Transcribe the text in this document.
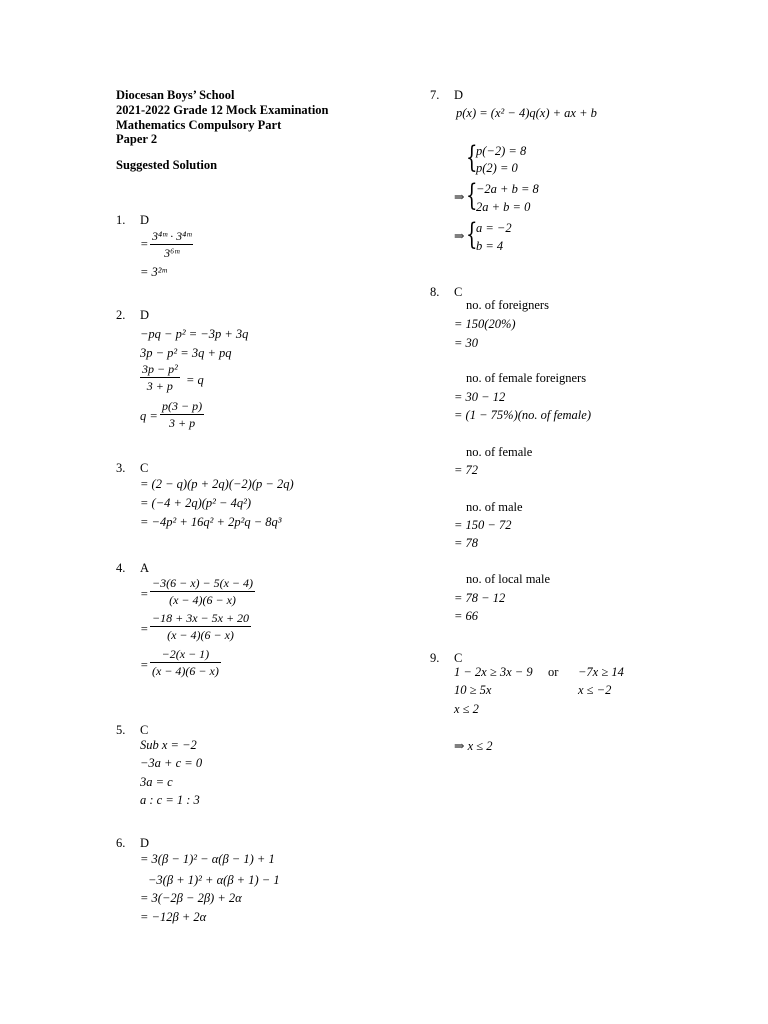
Diocesan Boys’ School
2021-2022 Grade 12 Mock Examination
Mathematics Compulsory Part
Paper 2
Suggested Solution
1. D
=
3⁴ᵐ · 3⁴ᵐ
3⁶ᵐ
= 3²ᵐ
2. D
−pq − p² = −3p + 3q
3p − p² = 3q + pq
3p − p²
3 + p = q
q =
p(3 − p)
3 + p
3. C
= (2 − q)(p + 2q)(−2)(p − 2q)
= (−4 + 2q)(p² − 4q²)
= −4p² + 16q² + 2p²q − 8q³
4. A
=
−3(6 − x) − 5(x − 4)
(x − 4)(6 − x)
=
−18 + 3x − 5x + 20
(x − 4)(6 − x)
=
−2(x − 1)
(x − 4)(6 − x)
5. C
Sub x = −2
−3a + c = 0
3a = c
a : c = 1 : 3
6. D
= 3(β − 1)² − α(β − 1) + 1
−3(β + 1)² + α(β + 1) − 1
= 3(−2β − 2β) + 2α
= −12β + 2α
7. D
p(x) = (x² − 4)q(x) + ax + b
{
p(−2) = 8
p(2) = 0
⇒ {
−2a + b = 8
2a + b = 0
⇒ {
a = −2
b = 4
8. C
no. of foreigners
= 150(20%)
= 30
no. of female foreigners
= 30 − 12
= (1 − 75%)(no. of female)
no. of female
= 72
no. of male
= 150 − 72
= 78
no. of local male
= 78 − 12
= 66
9. C
1 − 2x ≥ 3x − 9 or −7x ≥ 14
10 ≥ 5x	x ≤ −2
x ≤ 2
⇒ x ≤ 2
